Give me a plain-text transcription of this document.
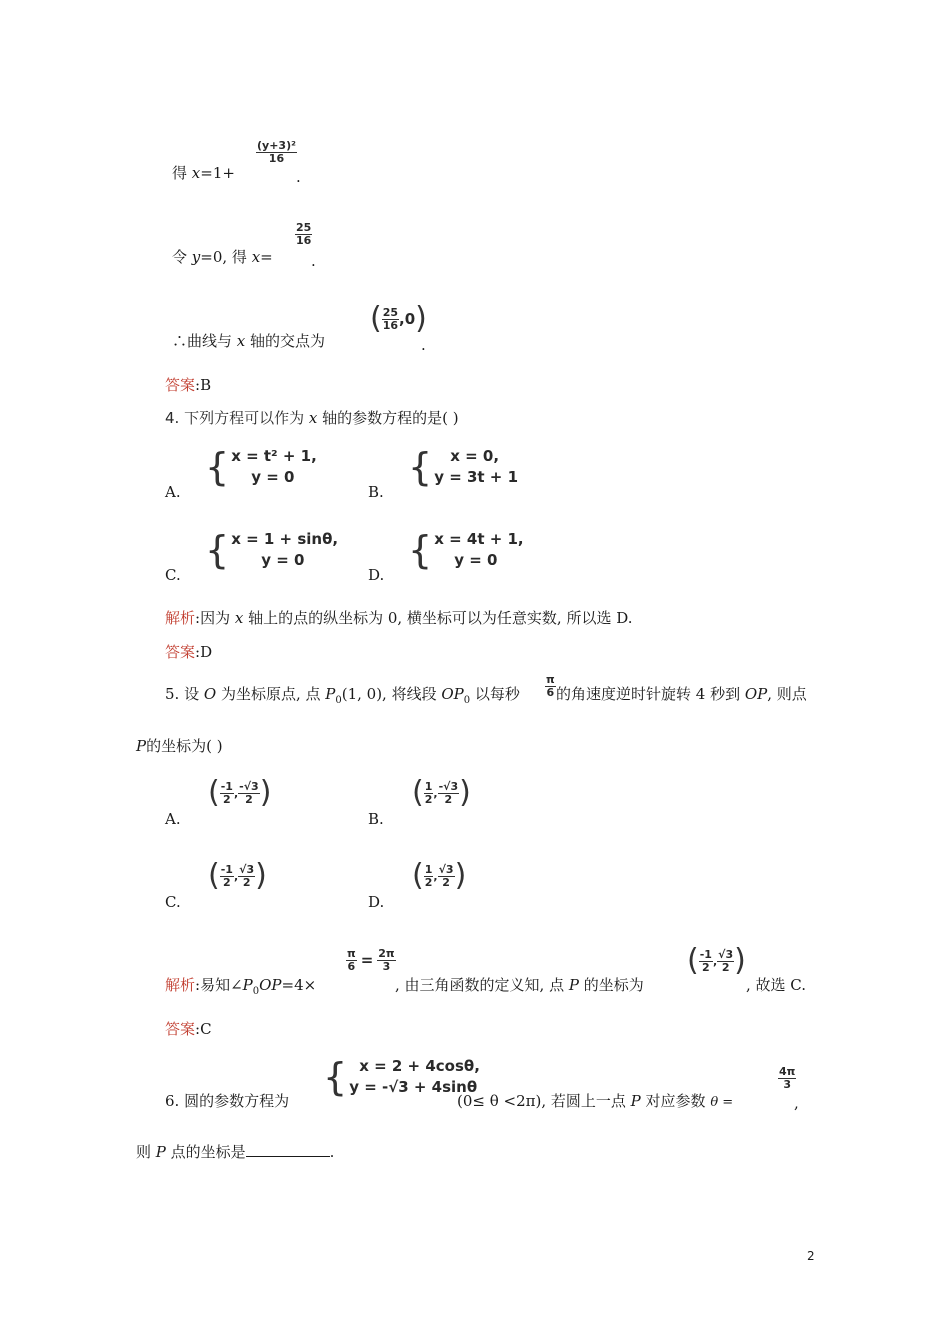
得 x=1+
$\frac{\text{(y+3)²}}{16}$
.
令 y=0, 得 x=
$\frac{25}{16}$
.
∴曲线与 x 轴的交点为
( $\frac{25}{16} ,0$ )
.
答案:B
4. 下列方程可以作为 x 轴的参数方程的是( )
A.
{ x = t² + 1,
y = 0
B.
{	x = 0,
y = 3t + 1
C.
{ x = 1 + sinθ,
y = 0
D.
{ x = 4t + 1,
y = 0
解析:因为 x 轴上的点的纵坐标为 0, 横坐标可以为任意实数, 所以选 D.
答案:D
5. 设 O 为坐标原点, 点 $P_0(1$, 0), 将线段 $OP_0$ 以每秒 $\frac{\pi}{6}$ 的角速度逆时针旋转 4 秒到 OP, 则点
P的坐标为( )
A.
( $\frac{-1}{2}$ , $\frac{-√3}{2}$ )
B.
( $\frac{1}{2}$ , $\frac{-√3}{2}$ )
C.
( $\frac{-1}{2}$ , $\frac{√3}{2}$ )
D.
( $\frac{1}{2}$ , $\frac{√3}{2}$ )
解析:易知$\angle P_0OP=4\times$
$\frac{\pi}{6} = \frac{2\pi}{3}$
, 由三角函数的定义知, 点 P 的坐标为
( $\frac{-1}{2}$ , $\frac{√3}{2}$ )
, 故选 C.
答案:C
6. 圆的参数方程为
{ x = 2 + 4cosθ,
y = -√3 + 4sinθ
(0≤ θ <2π), 若圆上一点 P 对应参数 θ =
$\frac{4\pi}{3}$
,
则 P 点的坐标是	.
2
